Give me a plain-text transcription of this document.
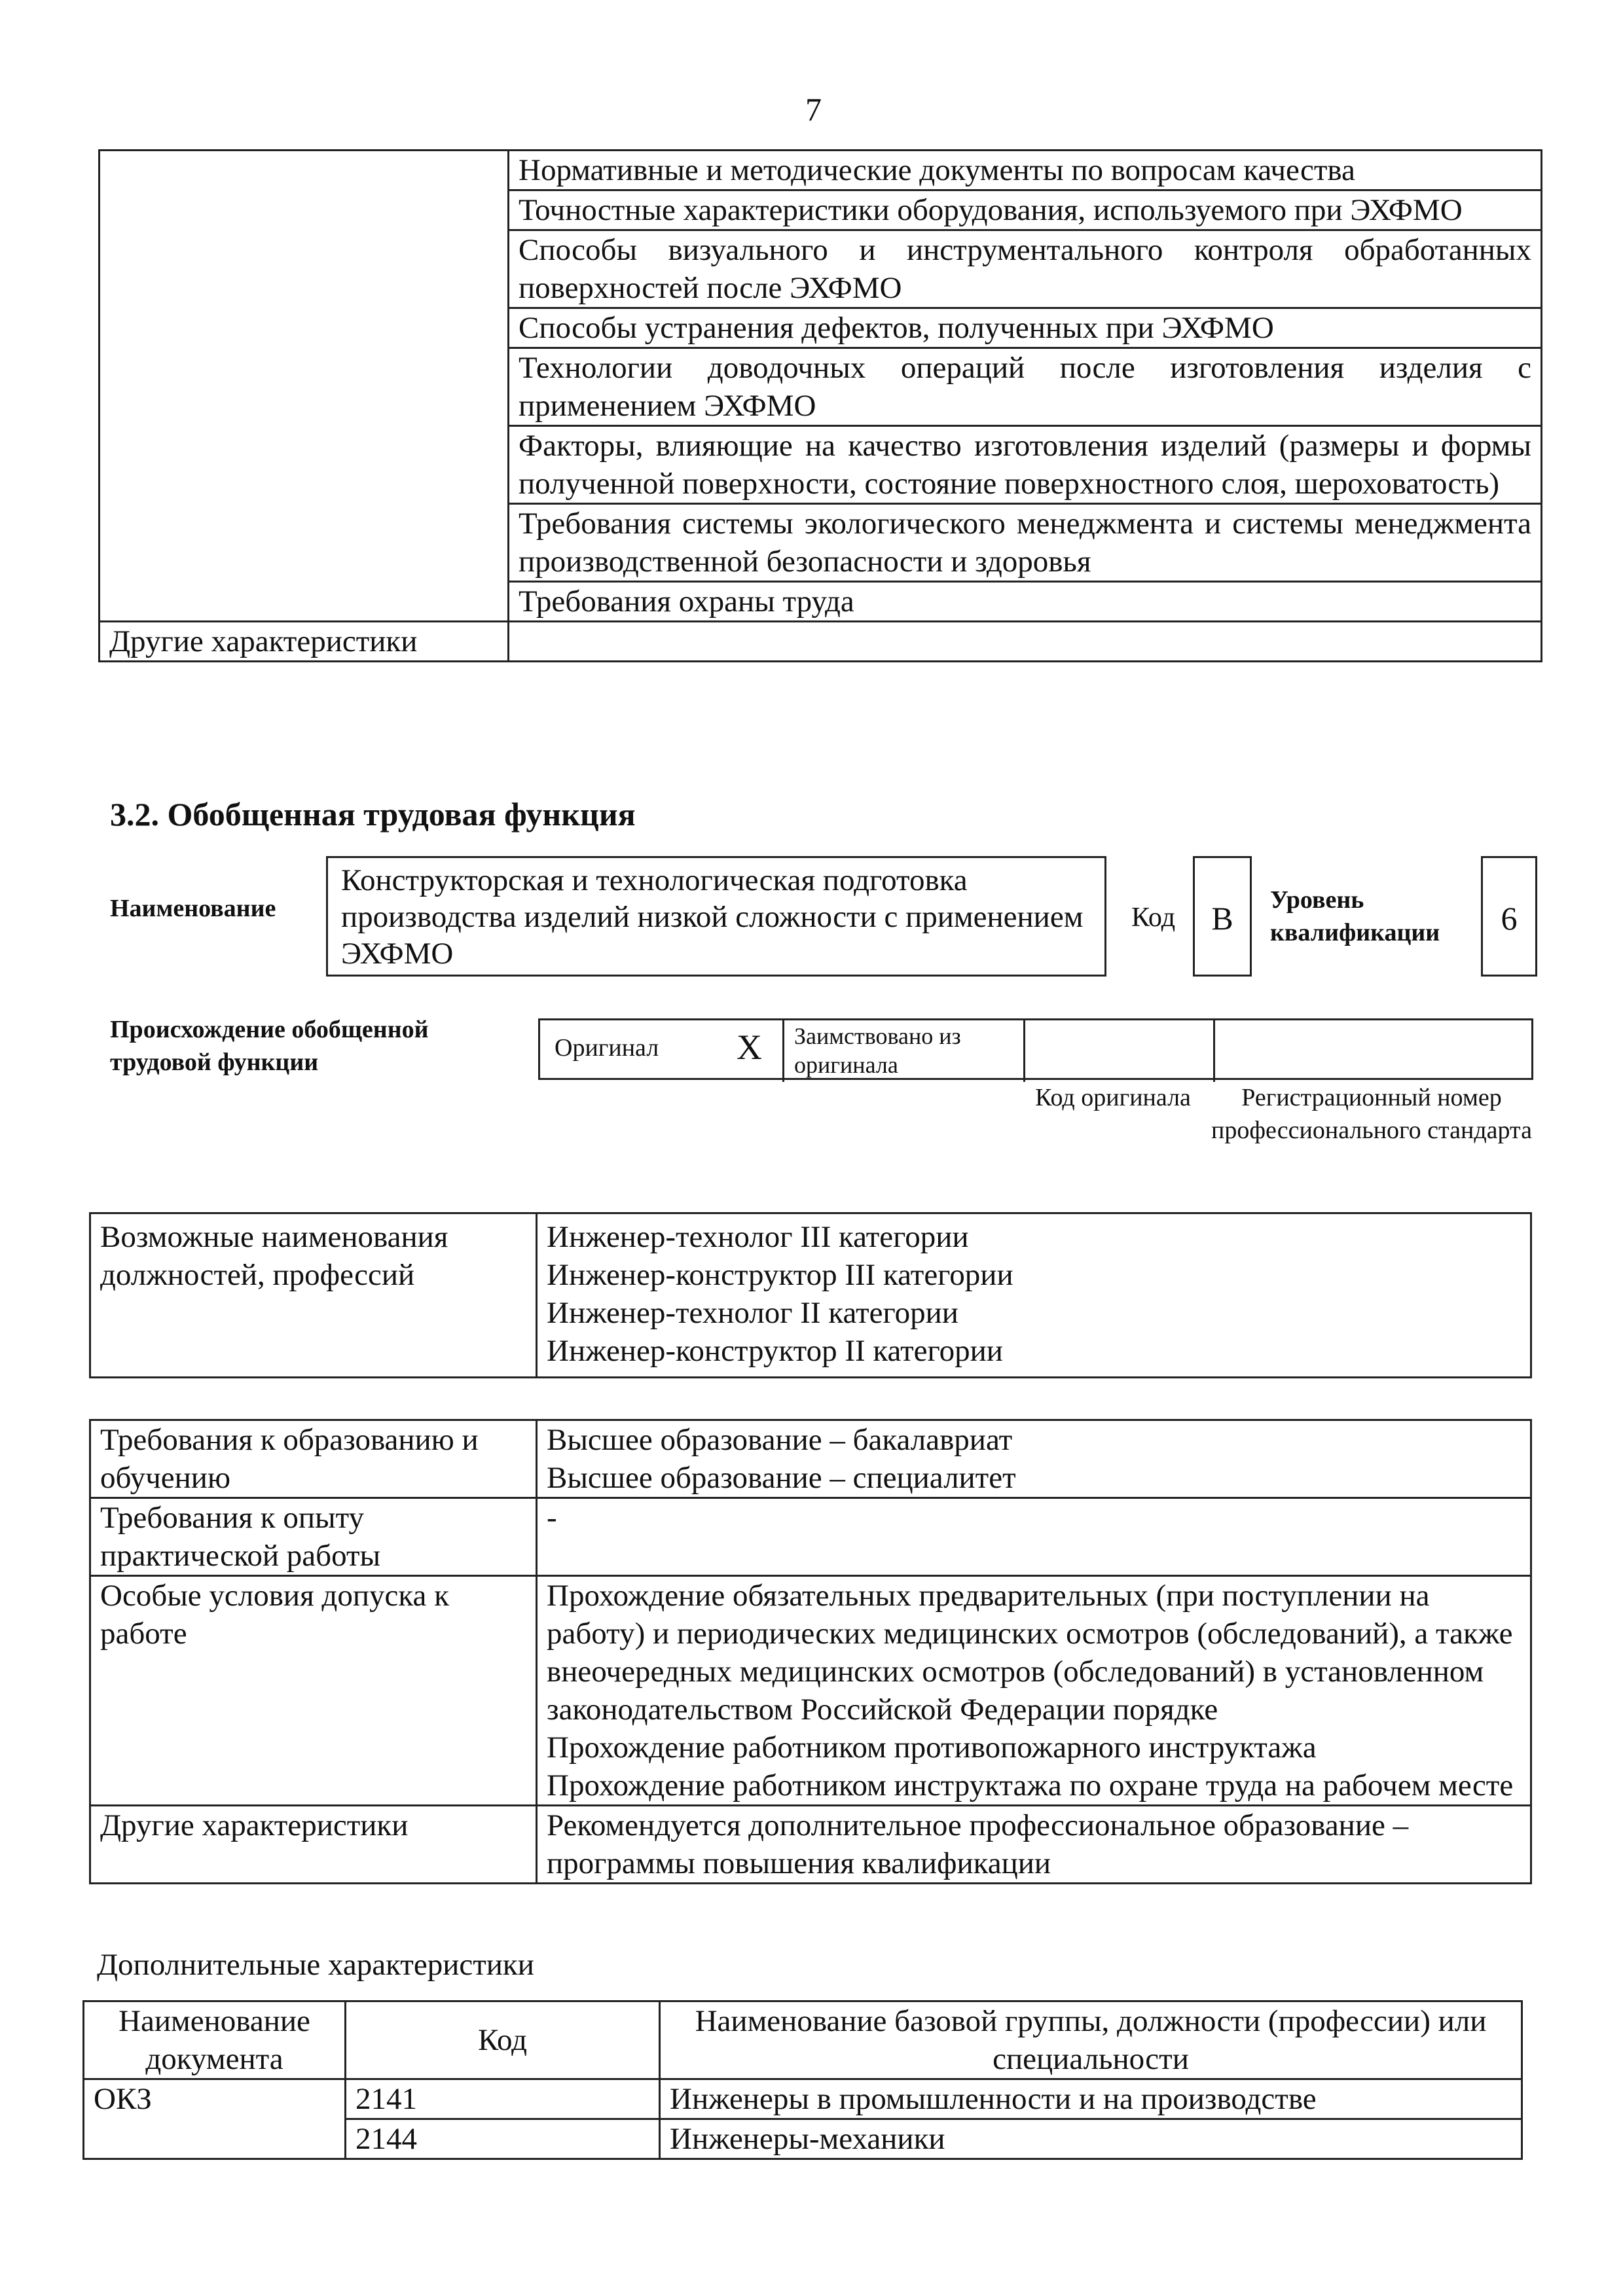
7
	Нормативные и методические документы по вопросам качества
	Точностные характеристики оборудования, используемого при ЭХФМО
	Способы визуального и инструментального контроля обработанных поверхностей после ЭХФМО
	Способы устранения дефектов, полученных при ЭХФМО
	Технологии доводочных операций после изготовления изделия с применением ЭХФМО
	Факторы, влияющие на качество изготовления изделий (размеры и формы полученной поверхности, состояние поверхностного слоя, шероховатость)
	Требования системы экологического менеджмента и системы менеджмента производственной безопасности и здоровья
	Требования охраны труда
Другие характеристики	
3.2. Обобщенная трудовая функция
Наименование
Конструкторская и технологическая подготовка производства изделий низкой сложности с применением ЭХФМО
Код	В	Уровень квалификации	6
Происхождение обобщенной трудовой функции
Оригинал X Заимствовано из оригинала
Код оригинала	Регистрационный номер профессионального стандарта
Возможные наименования должностей, профессий	
Инженер-технолог III категории
Инженер-конструктор III категории
Инженер-технолог II категории
Инженер-конструктор II категории
Требования к образованию и обучению	Высшее образование – бакалавриат
Высшее образование – специалитет

Требования к опыту практической работы	-

Особые условия допуска к работе	Прохождение обязательных предварительных (при поступлении на работу) и периодических медицинских осмотров (обследований), а также внеочередных медицинских осмотров (обследований) в установленном законодательством Российской Федерации порядке
Прохождение работником противопожарного инструктажа
Прохождение работником инструктажа по охране труда на рабочем месте

Другие характеристики	Рекомендуется дополнительное профессиональное образование – программы повышения квалификации
Дополнительные характеристики
Наименование документа	Код	Наименование базовой группы, должности (профессии) или специальности
ОКЗ	2141	Инженеры в промышленности и на производстве
	2144	Инженеры-механики
